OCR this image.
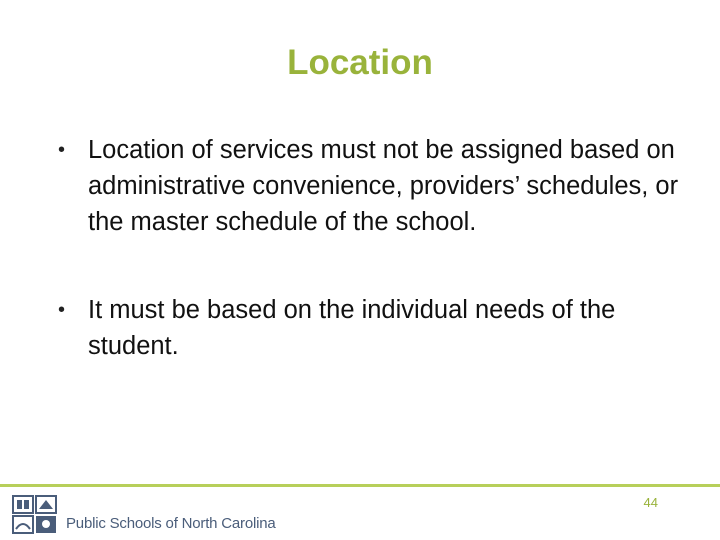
Location
• Location of services must not be assigned based on administrative convenience, providers’ schedules, or the master schedule of the school.
• It must be based on the individual needs of the student.
Public Schools of North Carolina
44
